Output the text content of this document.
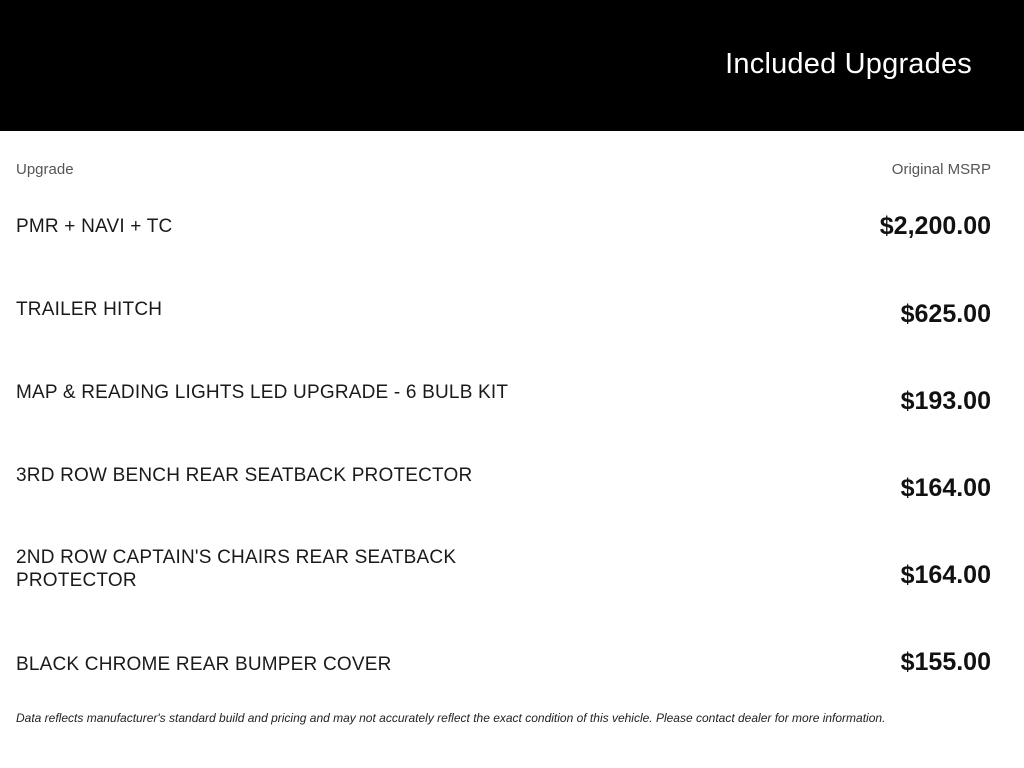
Included Upgrades
Upgrade	Original MSRP
PMR + NAVI + TC	$2,200.00
TRAILER HITCH	$625.00
MAP & READING LIGHTS LED UPGRADE - 6 BULB KIT	$193.00
3RD ROW BENCH REAR SEATBACK PROTECTOR	$164.00
2ND ROW CAPTAIN'S CHAIRS REAR SEATBACK PROTECTOR	$164.00
BLACK CHROME REAR BUMPER COVER	$155.00
Data reflects manufacturer's standard build and pricing and may not accurately reflect the exact condition of this vehicle. Please contact dealer for more information.
